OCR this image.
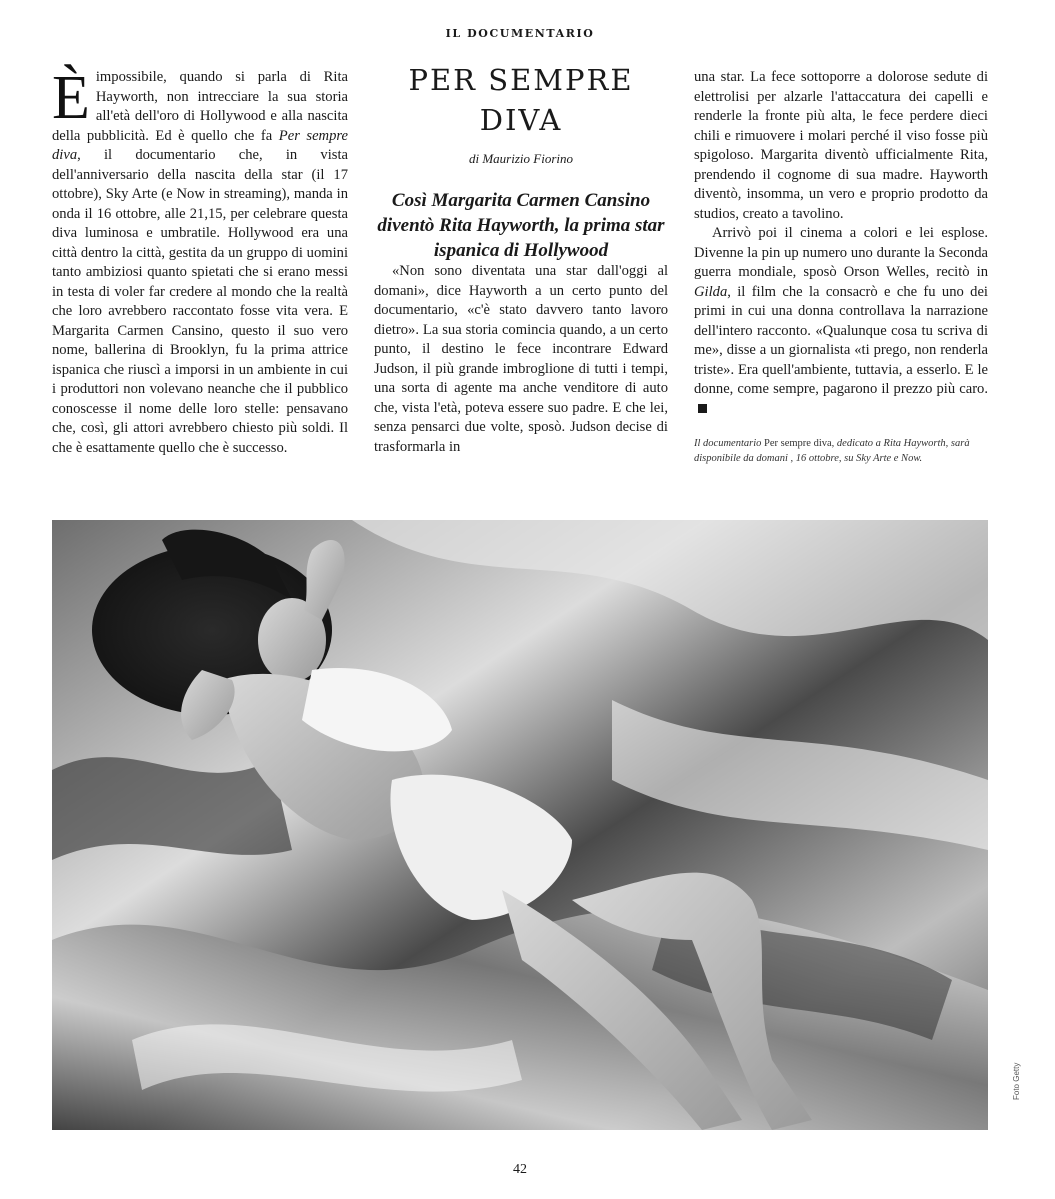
IL DOCUMENTARIO
È impossibile, quando si parla di Rita Hayworth, non intrecciare la sua storia all'età dell'oro di Hollywood e alla nascita della pubblicità. Ed è quello che fa Per sempre diva, il documentario che, in vista dell'anniversario della nascita della star (il 17 ottobre), Sky Arte (e Now in streaming), manda in onda il 16 ottobre, alle 21,15, per celebrare questa diva luminosa e umbratile. Hollywood era una città dentro la città, gestita da un gruppo di uomini tanto ambiziosi quanto spietati che si erano messi in testa di voler far credere al mondo che la realtà che loro avrebbero raccontato fosse vita vera. E Margarita Carmen Cansino, questo il suo vero nome, ballerina di Brooklyn, fu la prima attrice ispanica che riuscì a imporsi in un ambiente in cui i produttori non volevano neanche che il pubblico conoscesse il nome delle loro stelle: pensavano che, così, gli attori avrebbero chiesto più soldi. Il che è esattamente quello che è successo.

PER SEMPRE
DIVA
di Maurizio Fiorino
Così Margarita Carmen Cansino diventò Rita Hayworth, la prima star ispanica di Hollywood

«Non sono diventata una star dall'oggi al domani», dice Hayworth a un certo punto del documentario, «c'è stato davvero tanto lavoro dietro». La sua storia comincia quando, a un certo punto, il destino le fece incontrare Edward Judson, il più grande imbroglione di tutti i tempi, una sorta di agente ma anche venditore di auto che, vista l'età, poteva essere suo padre. E che lei, senza pensarci due volte, sposò. Judson decise di trasformarla in

una star. La fece sottoporre a dolorose sedute di elettrolisi per alzarle l'attaccatura dei capelli e renderle la fronte più alta, le fece perdere dieci chili e rimuovere i molari perché il viso fosse più spigoloso. Margarita diventò ufficialmente Rita, prendendo il cognome di sua madre. Hayworth diventò, insomma, un vero e proprio prodotto da studios, creato a tavolino.

Arrivò poi il cinema a colori e lei esplose. Divenne la pin up numero uno durante la Seconda guerra mondiale, sposò Orson Welles, recitò in Gilda, il film che la consacrò e che fu uno dei primi in cui una donna controllava la narrazione dell'intero racconto. «Qualunque cosa tu scriva di me», disse a un giornalista «ti prego, non renderla triste». Era quell'ambiente, tuttavia, a esserlo. E le donne, come sempre, pagarono il prezzo più caro.

Il documentario Per sempre diva, dedicato a Rita Hayworth, sarà disponibile da domani , 16 ottobre, su Sky Arte e Now.
Foto Getty
42
